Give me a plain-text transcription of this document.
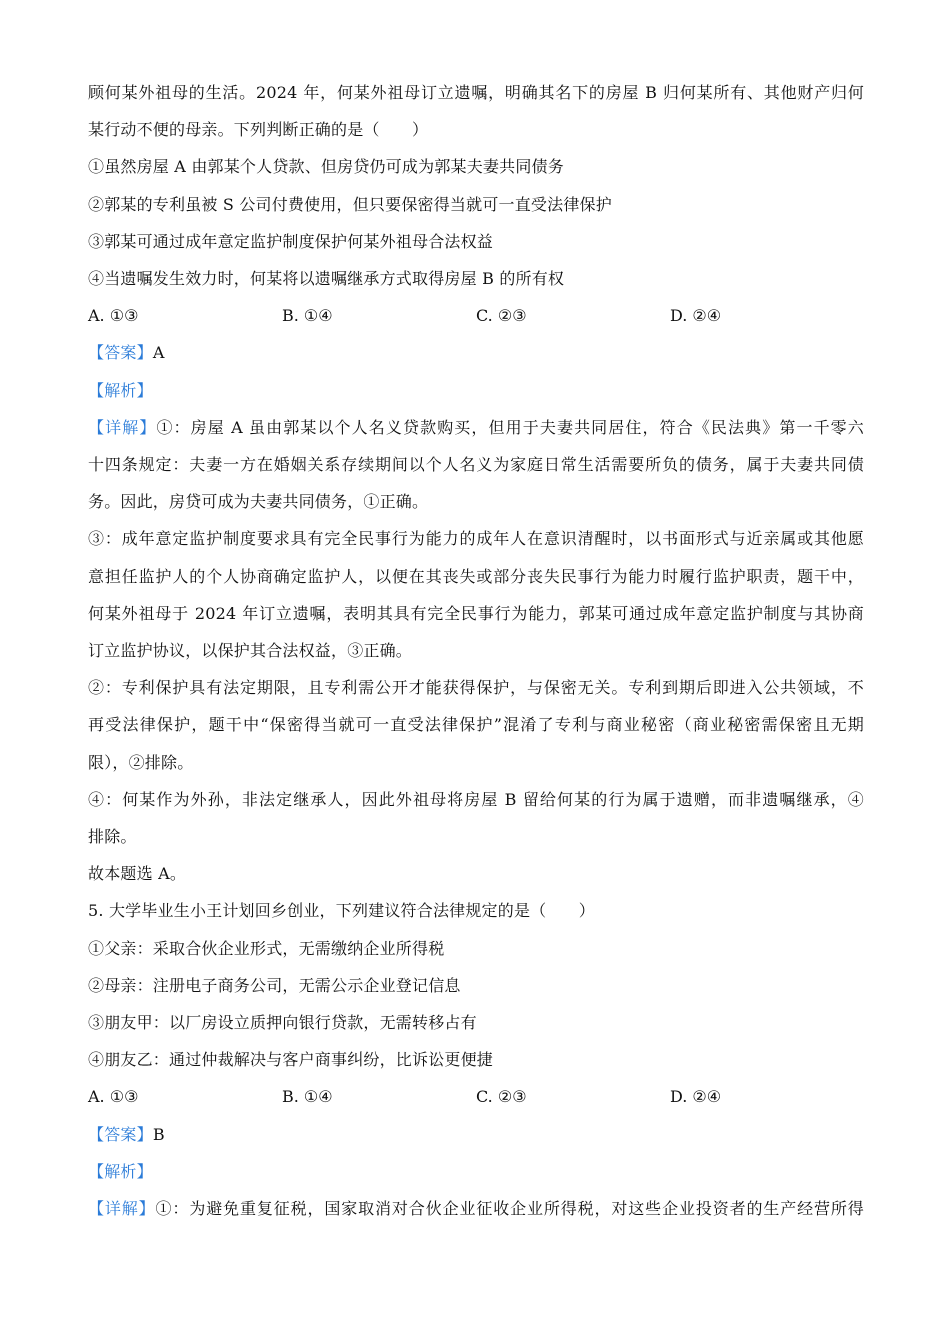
顾何某外祖母的生活。2024 年，何某外祖母订立遗嘱，明确其名下的房屋 B 归何某所有、其他财产归何
某行动不便的母亲。下列判断正确的是（　　）
①虽然房屋 A 由郭某个人贷款、但房贷仍可成为郭某夫妻共同债务
②郭某的专利虽被 S 公司付费使用，但只要保密得当就可一直受法律保护
③郭某可通过成年意定监护制度保护何某外祖母合法权益
④当遗嘱发生效力时，何某将以遗嘱继承方式取得房屋 B 的所有权
A. ①③	B. ①④	C. ②③	D. ②④
【答案】A
【解析】
【详解】①：房屋 A 虽由郭某以个人名义贷款购买，但用于夫妻共同居住，符合《民法典》第一千零六
十四条规定：夫妻一方在婚姻关系存续期间以个人名义为家庭日常生活需要所负的债务，属于夫妻共同债
务。因此，房贷可成为夫妻共同债务，①正确。
③：成年意定监护制度要求具有完全民事行为能力的成年人在意识清醒时，以书面形式与近亲属或其他愿
意担任监护人的个人协商确定监护人，以便在其丧失或部分丧失民事行为能力时履行监护职责，题干中，
何某外祖母于 2024 年订立遗嘱，表明其具有完全民事行为能力，郭某可通过成年意定监护制度与其协商
订立监护协议，以保护其合法权益，③正确。
②：专利保护具有法定期限，且专利需公开才能获得保护，与保密无关。专利到期后即进入公共领域，不
再受法律保护，题干中“保密得当就可一直受法律保护”混淆了专利与商业秘密（商业秘密需保密且无期
限），②排除。
④：何某作为外孙，非法定继承人，因此外祖母将房屋 B 留给何某的行为属于遗赠，而非遗嘱继承，④
排除。
故本题选 A。
5. 大学毕业生小王计划回乡创业，下列建议符合法律规定的是（　　）
①父亲：采取合伙企业形式，无需缴纳企业所得税
②母亲：注册电子商务公司，无需公示企业登记信息
③朋友甲：以厂房设立质押向银行贷款，无需转移占有
④朋友乙：通过仲裁解决与客户商事纠纷，比诉讼更便捷
A. ①③	B. ①④	C. ②③	D. ②④
【答案】B
【解析】
【详解】①：为避免重复征税，国家取消对合伙企业征收企业所得税，对这些企业投资者的生产经营所得
